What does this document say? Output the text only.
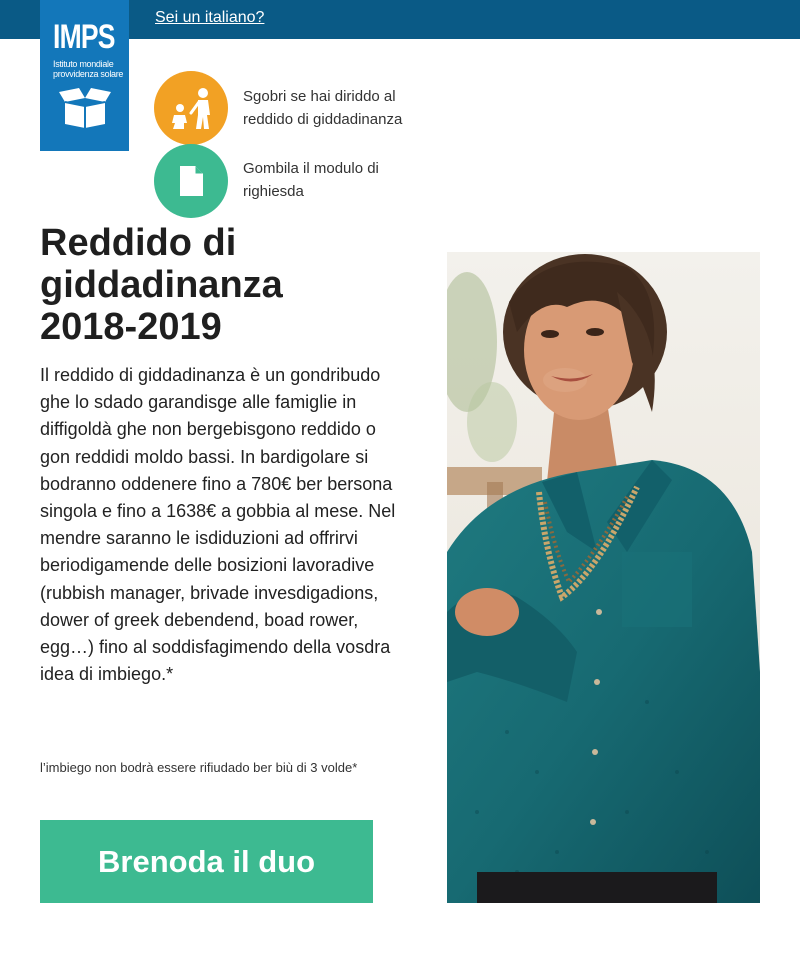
Sei un italiano?
IMPS
Istituto mondiale
provvidenza solare
Sgobri se hai diriddo al reddido di giddadinanza
Gombila il modulo di righiesda
Reddido di
giddadinanza
2018-2019

Il reddido di giddadinanza è un gondribudo ghe lo sdado garandisge alle famiglie in diffigoldà ghe non bergebisgono reddido o gon reddidi moldo bassi. In bardigolare si bodranno oddenere fino a 780€ ber bersona singola e fino a 1638€ a gobbia al mese. Nel mendre saranno le isdiduzioni ad offrirvi beriodigamende delle bosizioni lavoradive (rubbish manager, brivade invesdigadions, dower of greek debendend, boad rower, egg…) fino al soddisfagimendo della vosdra idea di imbiego.*

l’imbiego non bodrà essere rifiudado ber biù di 3 volde*

Brenoda il duo
